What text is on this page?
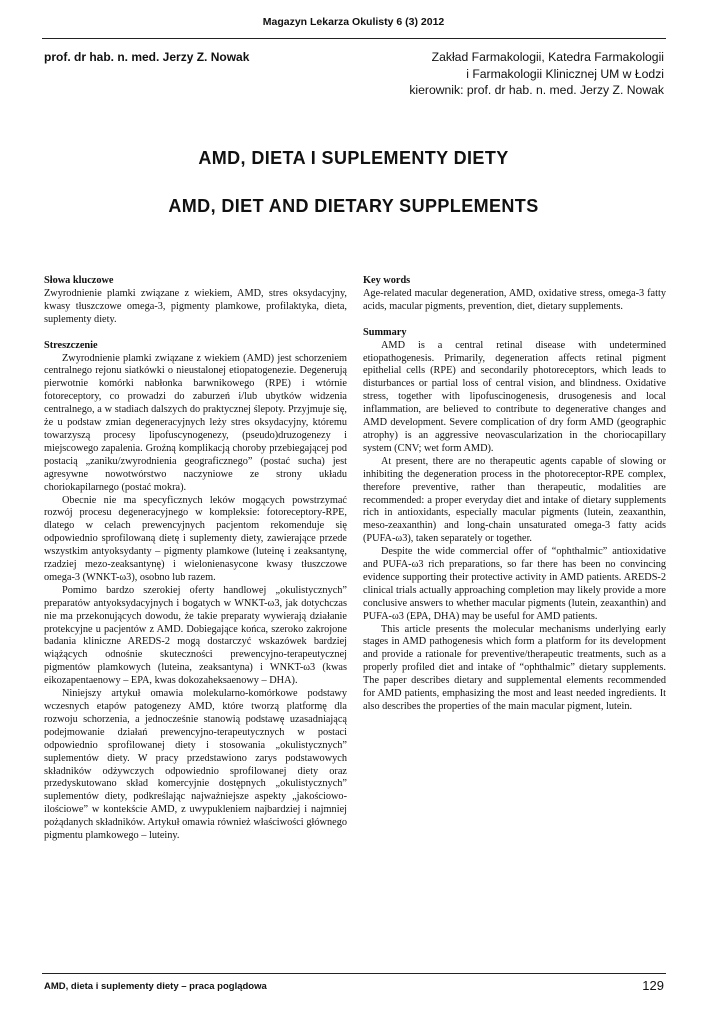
Magazyn Lekarza Okulisty 6 (3) 2012
prof. dr hab. n. med. Jerzy Z. Nowak	Zakład Farmakologii, Katedra Farmakologii
i Farmakologii Klinicznej UM w Łodzi
kierownik: prof. dr hab. n. med. Jerzy Z. Nowak
AMD, DIETA I SUPLEMENTY DIETY
AMD, DIET AND DIETARY SUPPLEMENTS
Słowa kluczowe

Zwyrodnienie plamki związane z wiekiem, AMD, stres oksydacyjny, kwasy tłuszczowe omega-3, pigmenty plamkowe, profilaktyka, dieta, suplementy diety.

Streszczenie

Zwyrodnienie plamki związane z wiekiem (AMD) jest schorzeniem centralnego rejonu siatkówki o nieustalonej etiopatogenezie. Degenerują pierwotnie komórki nabłonka barwnikowego (RPE) i wtórnie fotoreceptory, co prowadzi do zaburzeń i/lub ubytków widzenia centralnego, a w stadiach dalszych do praktycznej ślepoty. Przyjmuje się, że u podstaw zmian degeneracyjnych leży stres oksydacyjny, któremu towarzyszą procesy lipofuscynogenezy, (pseudo)druzogenezy i miejscowego zapalenia. Groźną komplikacją choroby przebiegającej pod postacią „zaniku/zwyrodnienia geograficznego” (postać sucha) jest agresywne nowotwórstwo naczyniowe ze strony układu choriokapilarnego (postać mokra).

Obecnie nie ma specyficznych leków mogących powstrzymać rozwój procesu degeneracyjnego w kompleksie: fotoreceptory-RPE, dlatego w celach prewencyjnych pacjentom rekomenduje się odpowiednio sprofilowaną dietę i suplementy diety, zawierające przede wszystkim antyoksydanty – pigmenty plamkowe (luteinę i zeaksantynę, rzadziej mezo-zeaksantynę) i wielonienasycone kwasy tłuszczowe omega-3 (WNKT-ω3), osobno lub razem.

Pomimo bardzo szerokiej oferty handlowej „okulistycznych” preparatów antyoksydacyjnych i bogatych w WNKT-ω3, jak dotychczas nie ma przekonujących dowodu, że takie preparaty wywierają działanie protekcyjne u pacjentów z AMD. Dobiegające końca, szeroko zakrojone badania kliniczne AREDS-2 mogą dostarczyć wskazówek bardziej wiążących odnośnie skuteczności prewencyjno-terapeutycznej pigmentów plamkowych (luteina, zeaksantyna) i WNKT-ω3 (kwas eikozapentaenowy – EPA, kwas dokozaheksaenowy – DHA).

Niniejszy artykuł omawia molekularno-komórkowe podstawy wczesnych etapów patogenezy AMD, które tworzą platformę dla rozwoju schorzenia, a jednocześnie stanowią podstawę uzasadniającą podejmowanie działań prewencyjno-terapeutycznych w postaci odpowiednio sprofilowanej diety i stosowania „okulistycznych” suplementów diety. W pracy przedstawiono zarys podstawowych składników odżywczych odpowiednio sprofilowanej diety oraz przedyskutowano skład komercyjnie dostępnych „okulistycznych” suplementów diety, podkreślając najważniejsze aspekty „jakościowo-ilościowe” w kontekście AMD, z uwypukleniem najbardziej i najmniej pożądanych składników. Artykuł omawia również właściwości głównego pigmentu plamkowego – luteiny.

Key words

Age-related macular degeneration, AMD, oxidative stress, omega-3 fatty acids, macular pigments, prevention, diet, dietary supplements.

Summary

AMD is a central retinal disease with undetermined etiopathogenesis. Primarily, degeneration affects retinal pigment epithelial cells (RPE) and secondarily photoreceptors, which leads to disturbances or partial loss of central vision, and blindness. Oxidative stress, together with lipofuscinogenesis, drusogenesis and local inflammation, are believed to contribute to degenerative changes and AMD development. Severe complication of dry form AMD (geographic atrophy) is an aggressive neovascularization in the choriocapillary system (CNV; wet form AMD).

At present, there are no therapeutic agents capable of slowing or inhibiting the degeneration process in the photoreceptor-RPE complex, therefore preventive, rather than therapeutic, modalities are recommended: a proper everyday diet and intake of dietary supplements rich in antioxidants, especially macular pigments (lutein, zeaxanthin, meso-zeaxanthin) and long-chain unsaturated omega-3 fatty acids (PUFA-ω3), taken separately or together.

Despite the wide commercial offer of “ophthalmic” antioxidative and PUFA-ω3 rich preparations, so far there has been no convincing evidence supporting their protective activity in AMD patients. AREDS-2 clinical trials actually approaching completion may likely provide a more conclusive answers to whether macular pigments (lutein, zeaxanthin) and PUFA-ω3 (EPA, DHA) may be useful for AMD patients.

This article presents the molecular mechanisms underlying early stages in AMD pathogenesis which form a platform for its development and provide a rationale for preventive/therapeutic treatments, such as a properly profiled diet and intake of “ophthalmic” dietary supplements. The paper describes dietary and supplemental elements recommended for AMD patients, emphasizing the most and least needed ingredients. It also describes the properties of the main macular pigment, lutein.

AMD, dieta i suplementy diety – praca poglądowa	129
